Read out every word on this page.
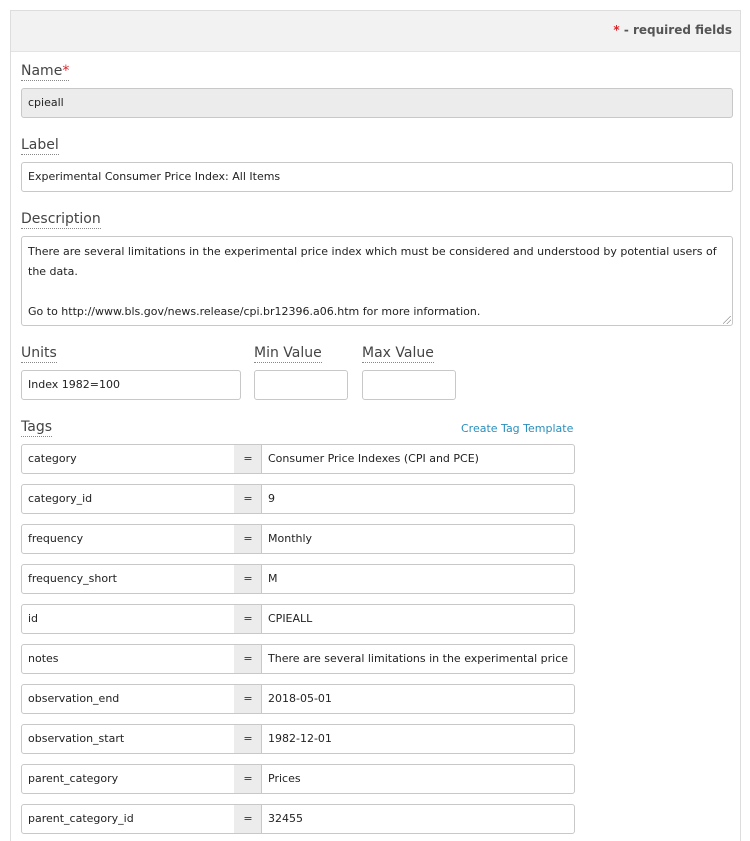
* - required fields
Name*
cpieall
Label
Experimental Consumer Price Index: All Items
Description

There are several limitations in the experimental price index which must be considered and understood by potential users of the data.

Go to http://www.bls.gov/news.release/cpi.br12396.a06.htm for more information.

Units
Index 1982=100
Min Value	Max Value
Tags	Create Tag Template
category	=	Consumer Price Indexes (CPI and PCE)
category_id	=	9
frequency	=	Monthly
frequency_short	=	M
id	=	CPIEALL
notes	=	There are several limitations in the experimental price
observation_end	=	2018-05-01
observation_start	=	1982-12-01
parent_category	=	Prices
parent_category_id	=	32455
